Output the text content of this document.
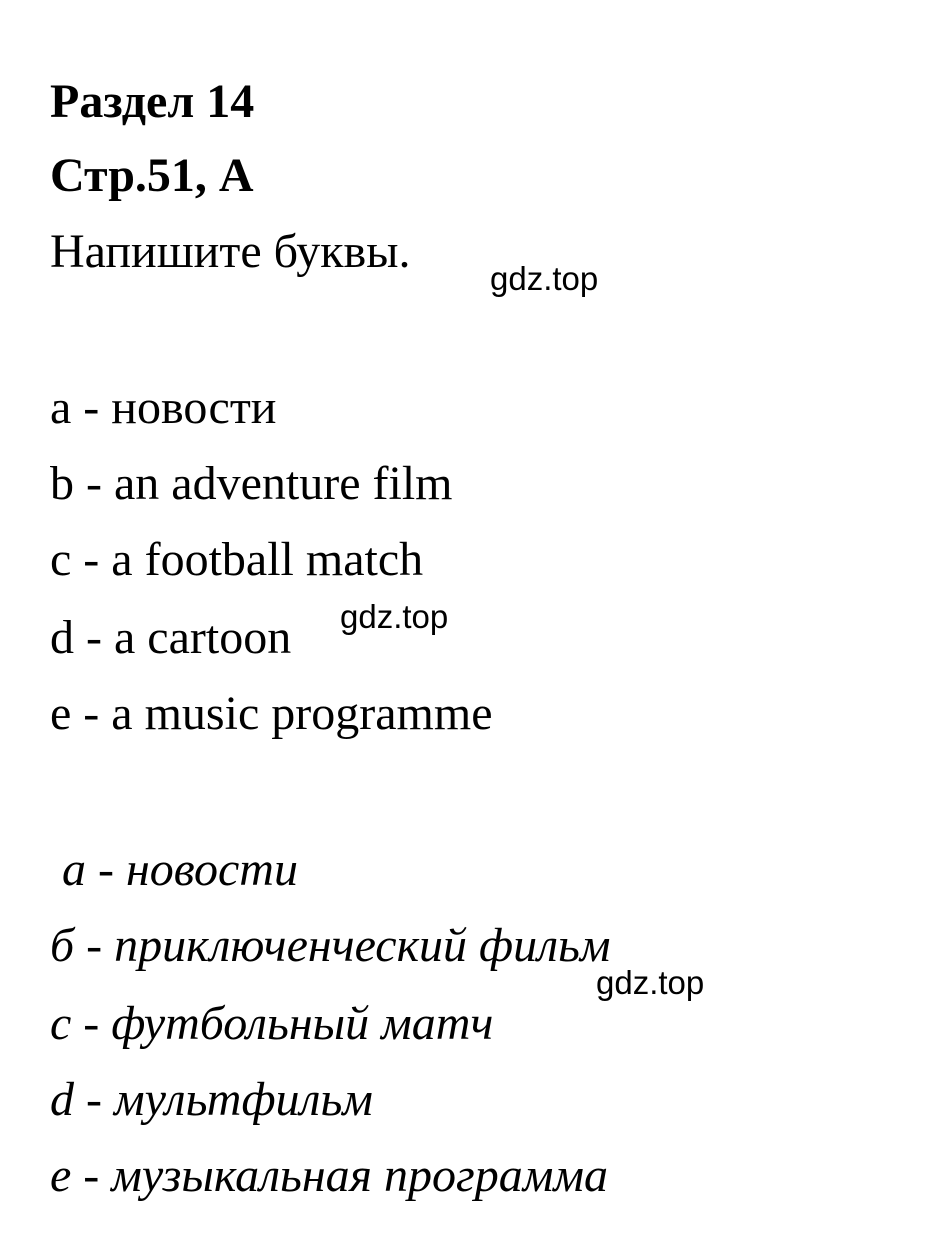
Раздел 14
Стр.51, А
Напишите буквы.
gdz.top
a - новости
b - an adventure film
c - a football match
d - a cartoon gdz.top
e - a music programme
а - новости
б - приключенческий фильм
gdz.top
c - футбольный матч
d - мультфильм
e - музыкальная программа
